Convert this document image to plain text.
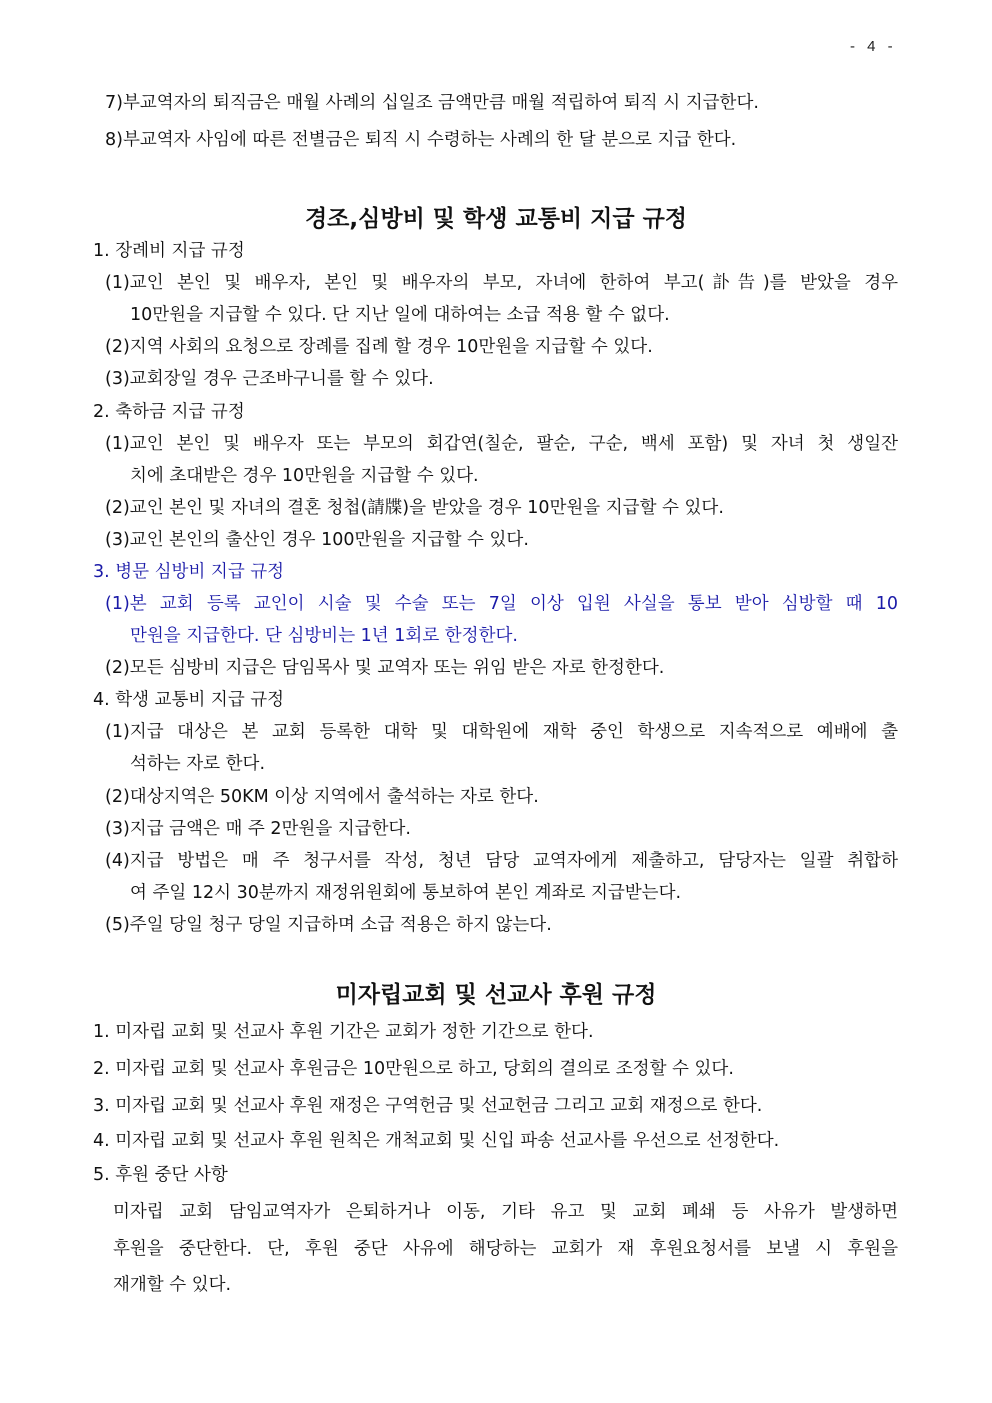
- 4 -
7)부교역자의 퇴직금은 매월 사례의 십일조 금액만큼 매월 적립하여 퇴직 시 지급한다.
8)부교역자 사임에 따른 전별금은 퇴직 시 수령하는 사례의 한 달 분으로 지급 한다.
경조,심방비 및 학생 교통비 지급 규정
1. 장례비 지급 규정
(1)교인 본인 및 배우자, 본인 및 배우자의 부모, 자녀에 한하여 부고(訃告)를 받았을 경우
10만원을 지급할 수 있다. 단 지난 일에 대하여는 소급 적용 할 수 없다.
(2)지역 사회의 요청으로 장례를 집례 할 경우 10만원을 지급할 수 있다.
(3)교회장일 경우 근조바구니를 할 수 있다.
2. 축하금 지급 규정
(1)교인 본인 및 배우자 또는 부모의 회갑연(칠순, 팔순, 구순, 백세 포함) 및 자녀 첫 생일잔
치에 초대받은 경우 10만원을 지급할 수 있다.
(2)교인 본인 및 자녀의 결혼 청첩(請牒)을 받았을 경우 10만원을 지급할 수 있다.
(3)교인 본인의 출산인 경우 100만원을 지급할 수 있다.
3. 병문 심방비 지급 규정
(1)본 교회 등록 교인이 시술 및 수술 또는 7일 이상 입원 사실을 통보 받아 심방할 때 10
만원을 지급한다. 단 심방비는 1년 1회로 한정한다.
(2)모든 심방비 지급은 담임목사 및 교역자 또는 위임 받은 자로 한정한다.
4. 학생 교통비 지급 규정
(1)지급 대상은 본 교회 등록한 대학 및 대학원에 재학 중인 학생으로 지속적으로 예배에 출
석하는 자로 한다.
(2)대상지역은 50KM 이상 지역에서 출석하는 자로 한다.
(3)지급 금액은 매 주 2만원을 지급한다.
(4)지급 방법은 매 주 청구서를 작성, 청년 담당 교역자에게 제출하고, 담당자는 일괄 취합하
여 주일 12시 30분까지 재정위원회에 통보하여 본인 계좌로 지급받는다.
(5)주일 당일 청구 당일 지급하며 소급 적용은 하지 않는다.
미자립교회 및 선교사 후원 규정
1. 미자립 교회 및 선교사 후원 기간은 교회가 정한 기간으로 한다.
2. 미자립 교회 및 선교사 후원금은 10만원으로 하고, 당회의 결의로 조정할 수 있다.
3. 미자립 교회 및 선교사 후원 재정은 구역헌금 및 선교헌금 그리고 교회 재정으로 한다.
4. 미자립 교회 및 선교사 후원 원칙은 개척교회 및 신입 파송 선교사를 우선으로 선정한다.
5. 후원 중단 사항
미자립 교회 담임교역자가 은퇴하거나 이동, 기타 유고 및 교회 폐쇄 등 사유가 발생하면
후원을 중단한다. 단, 후원 중단 사유에 해당하는 교회가 재 후원요청서를 보낼 시 후원을
재개할 수 있다.
